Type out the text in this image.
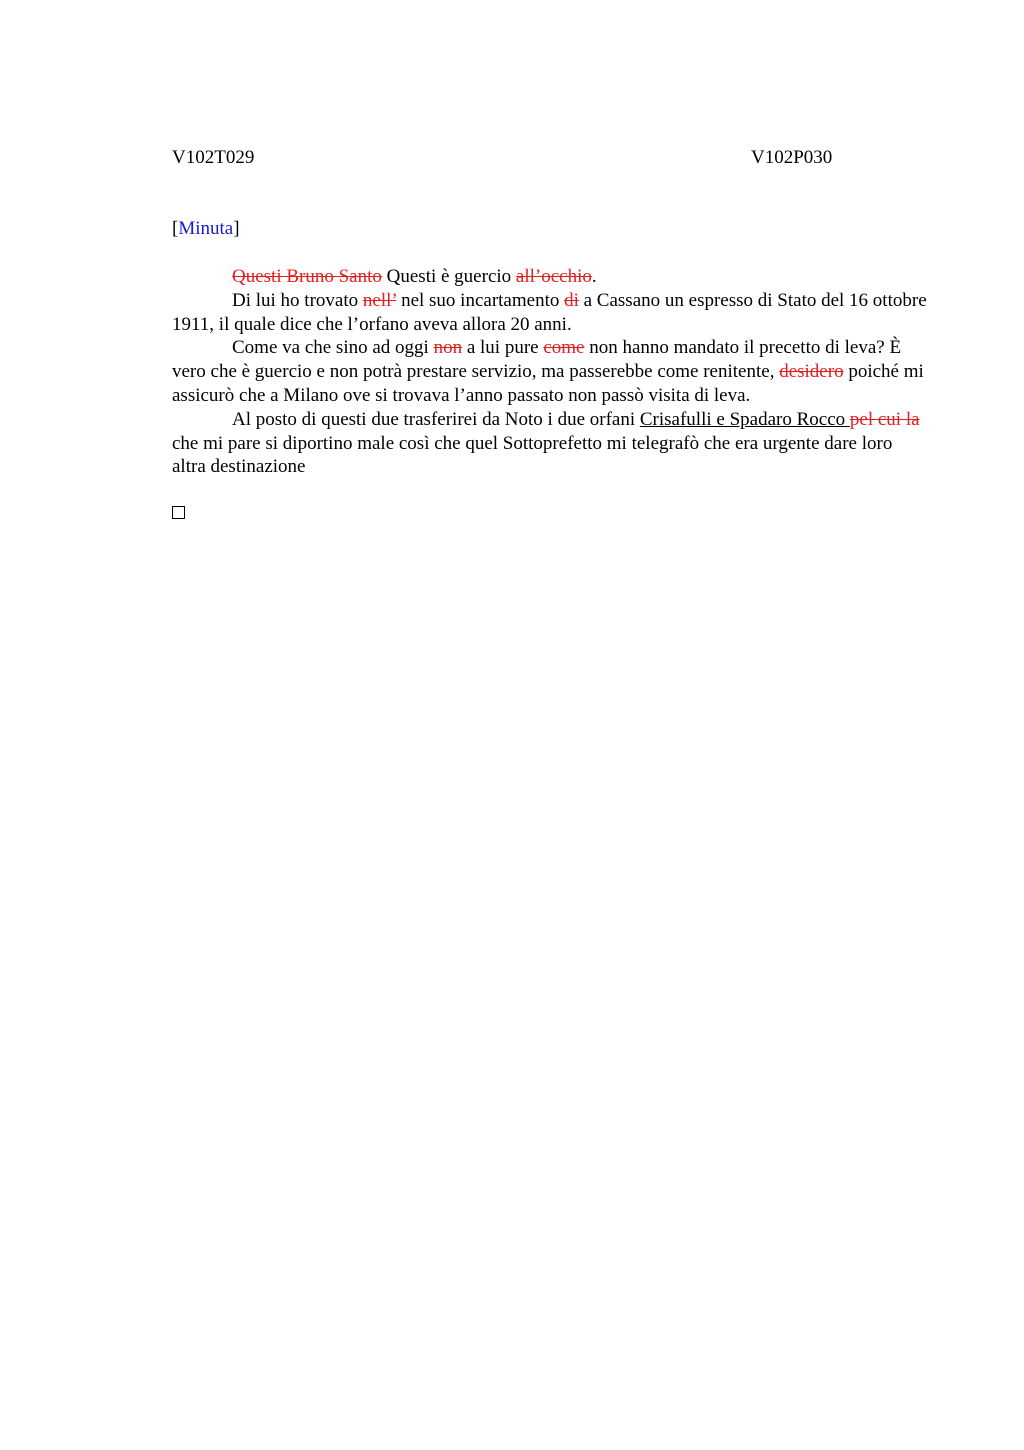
V102T029	V102P030
[Minuta]

Questi Bruno Santo Questi è guercio all’occhio.

Di lui ho trovato nell’ nel suo incartamento di a Cassano un espresso di Stato del 16 ottobre 1911, il quale dice che l’orfano aveva allora 20 anni.

Come va che sino ad oggi non a lui pure come non hanno mandato il precetto di leva? È vero che è guercio e non potrà prestare servizio, ma passerebbe come renitente, desidero poiché mi assicurò che a Milano ove si trovava l’anno passato non passò visita di leva.

Al posto di questi due trasferirei da Noto i due orfani Crisafulli e Spadaro Rocco pel cui la che mi pare si diportino male così che quel Sottoprefetto mi telegrafò che era urgente dare loro altra destinazione
